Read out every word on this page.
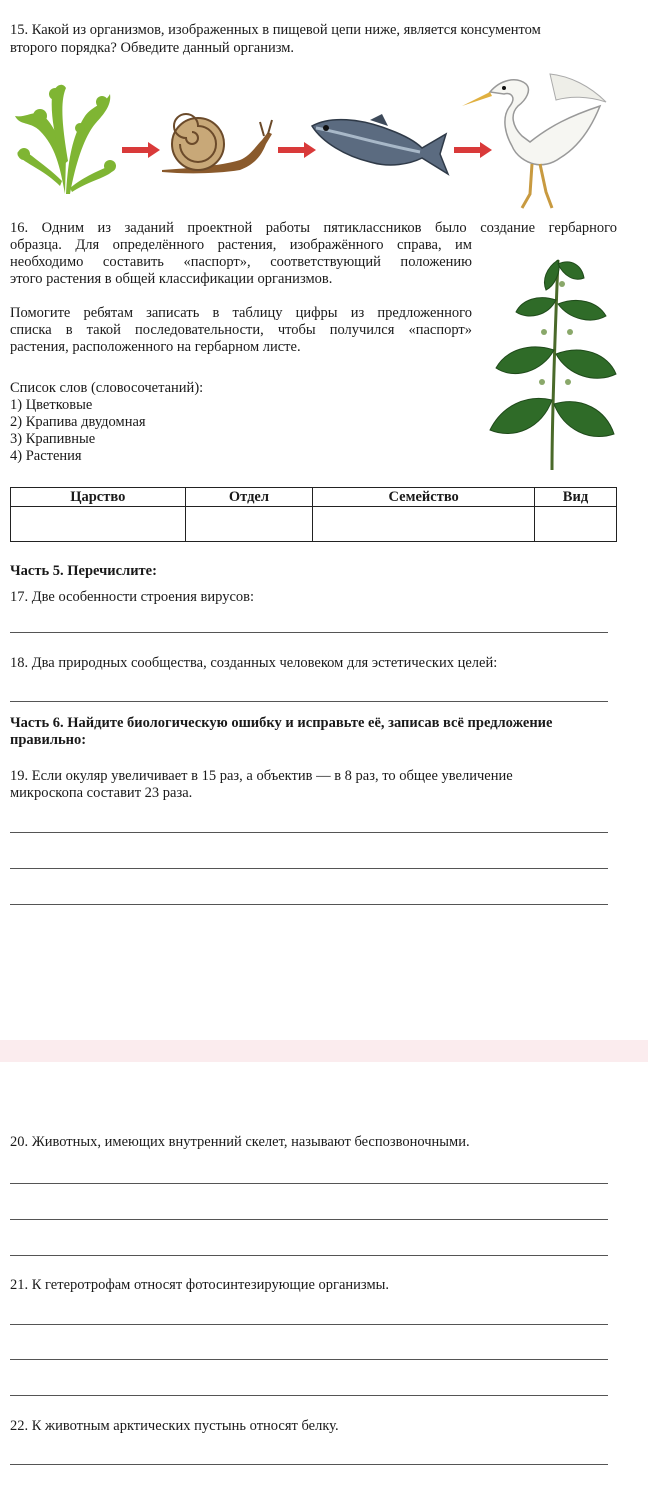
15. Какой из организмов, изображенных в пищевой цепи ниже, является консументом
второго порядка? Обведите данный организм.
16. Одним из заданий проектной работы пятиклассников было создание гербарного
образца. Для определённого растения, изображённого справа, им
необходимо составить «паспорт», соответствующий положению
этого растения в общей классификации организмов.
Помогите ребятам записать в таблицу цифры из предложенного
списка в такой последовательности, чтобы получился «паспорт»
растения, расположенного на гербарном листе.
Список слов (словосочетаний):
1) Цветковые
2) Крапива двудомная
3) Крапивные
4) Растения
Царство	Отдел	Семейство	Вид

Часть 5. Перечислите:
17. Две особенности строения вирусов:
18. Два природных сообщества, созданных человеком для эстетических целей:
Часть 6. Найдите биологическую ошибку и исправьте её, записав всё предложение
правильно:
19. Если окуляр увеличивает в 15 раз, а объектив — в 8 раз, то общее увеличение
микроскопа составит 23 раза.
20. Животных, имеющих внутренний скелет, называют беспозвоночными.
21. К гетеротрофам относят фотосинтезирующие организмы.
22. К животным арктических пустынь относят белку.
